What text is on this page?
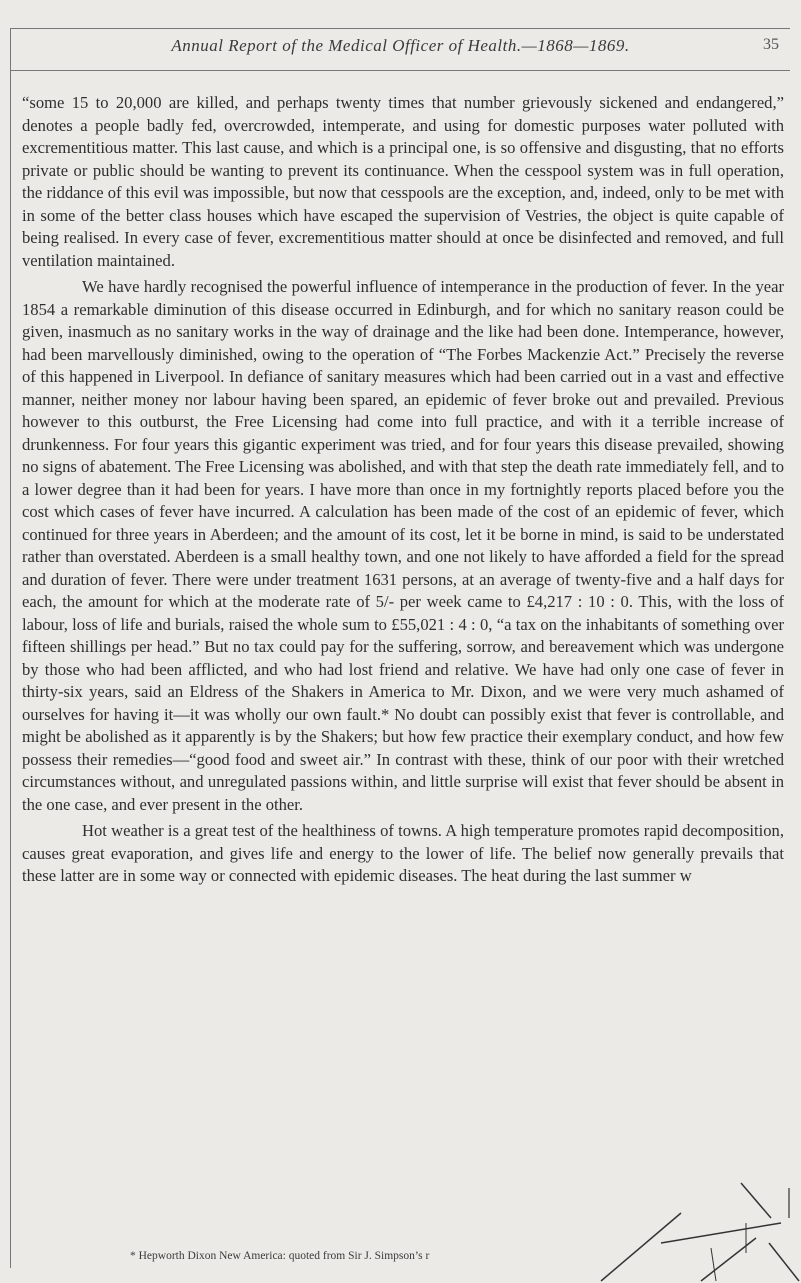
Annual Report of the Medical Officer of Health.—1868—1869.	35

“some 15 to 20,000 are killed, and perhaps twenty times that number grievously sickened and endangered,” denotes a people badly fed, overcrowded, intemperate, and using for domestic purposes water polluted with excrementitious matter. This last cause, and which is a principal one, is so offensive and disgusting, that no efforts private or public should be wanting to prevent its continuance. When the cesspool system was in full operation, the riddance of this evil was impossible, but now that cesspools are the exception, and, indeed, only to be met with in some of the better class houses which have escaped the supervision of Vestries, the object is quite capable of being realised. In every case of fever, excrementitious matter should at once be disinfected and removed, and full ventilation maintained.

We have hardly recognised the powerful influence of intemperance in the production of fever. In the year 1854 a remarkable diminution of this disease occurred in Edinburgh, and for which no sanitary reason could be given, inasmuch as no sanitary works in the way of drainage and the like had been done. Intemperance, however, had been marvellously diminished, owing to the operation of “The Forbes Mackenzie Act.” Precisely the reverse of this happened in Liverpool. In defiance of sanitary measures which had been carried out in a vast and effective manner, neither money nor labour having been spared, an epidemic of fever broke out and prevailed. Previous however to this outburst, the Free Licensing had come into full practice, and with it a terrible increase of drunkenness. For four years this gigantic experiment was tried, and for four years this disease prevailed, showing no signs of abatement. The Free Licensing was abolished, and with that step the death rate immediately fell, and to a lower degree than it had been for years. I have more than once in my fortnightly reports placed before you the cost which cases of fever have incurred. A calculation has been made of the cost of an epidemic of fever, which continued for three years in Aberdeen; and the amount of its cost, let it be borne in mind, is said to be understated rather than overstated. Aberdeen is a small healthy town, and one not likely to have afforded a field for the spread and duration of fever. There were under treatment 1631 persons, at an average of twenty-five and a half days for each, the amount for which at the moderate rate of 5/- per week came to £4,217 : 10 : 0. This, with the loss of labour, loss of life and burials, raised the whole sum to £55,021 : 4 : 0, “a tax on the inhabitants of something over fifteen shillings per head.” But no tax could pay for the suffering, sorrow, and bereavement which was undergone by those who had been afflicted, and who had lost friend and relative. We have had only one case of fever in thirty-six years, said an Eldress of the Shakers in America to Mr. Dixon, and we were very much ashamed of ourselves for having it—it was wholly our own fault.* No doubt can possibly exist that fever is controllable, and might be abolished as it apparently is by the Shakers; but how few practice their exemplary conduct, and how few possess their remedies—“good food and sweet air.” In contrast with these, think of our poor with their wretched circumstances without, and unregulated passions within, and little surprise will exist that fever should be absent in the one case, and ever present in the other.

Hot weather is a great test of the healthiness of towns. A high temperature promotes rapid decomposition, causes great evaporation, and gives life and energy to the lower of life. The belief now generally prevails that these latter are in some way or connected with epidemic diseases. The heat during the last summer w

* Hepworth Dixon New America: quoted from Sir J. Simpson’s r
